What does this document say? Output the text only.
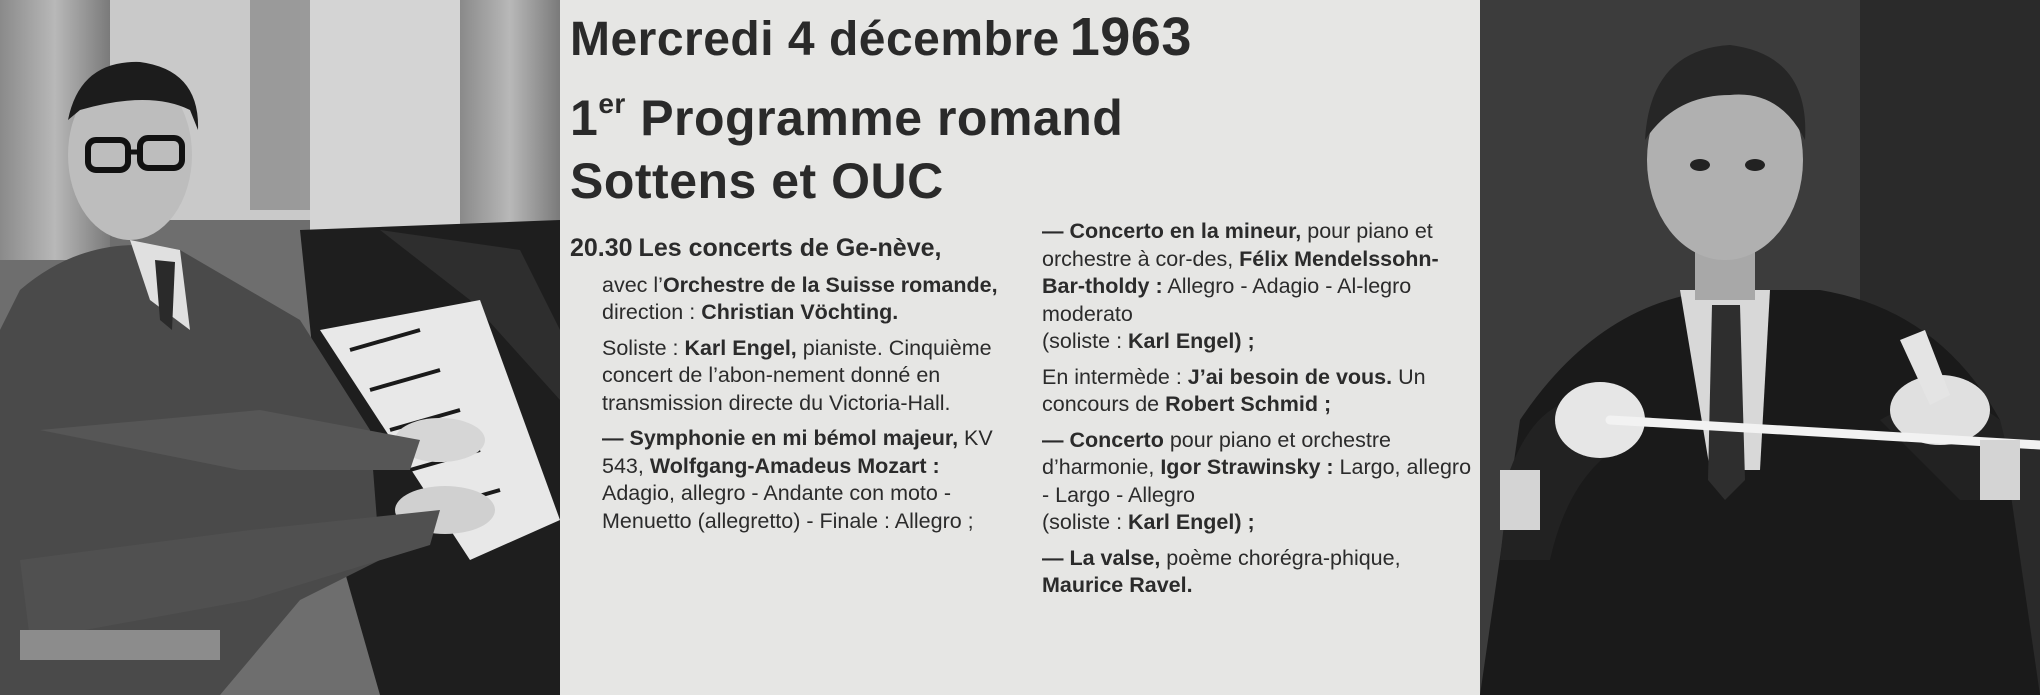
Mercredi 4 décembre 1963
1er Programme romand
Sottens et OUC

20.30 Les concerts de Ge-nève,

avec l’Orchestre de la Suisse romande, direction : Christian Vöchting.

Soliste : Karl Engel, pianiste. Cinquième concert de l’abon-nement donné en transmission directe du Victoria-Hall.

— Symphonie en mi bémol majeur, KV 543, Wolfgang-Amadeus Mozart : Adagio, allegro - Andante con moto - Menuetto (allegretto) - Finale : Allegro ;

— Concerto en la mineur, pour piano et orchestre à cor-des, Félix Mendelssohn-Bar-tholdy : Allegro - Adagio - Al-legro moderato
(soliste : Karl Engel) ;

En intermède : J’ai besoin de vous. Un concours de Robert Schmid ;

— Concerto pour piano et orchestre d’harmonie, Igor Strawinsky : Largo, allegro - Largo - Allegro
(soliste : Karl Engel) ;

— La valse, poème chorégra-phique, Maurice Ravel.
